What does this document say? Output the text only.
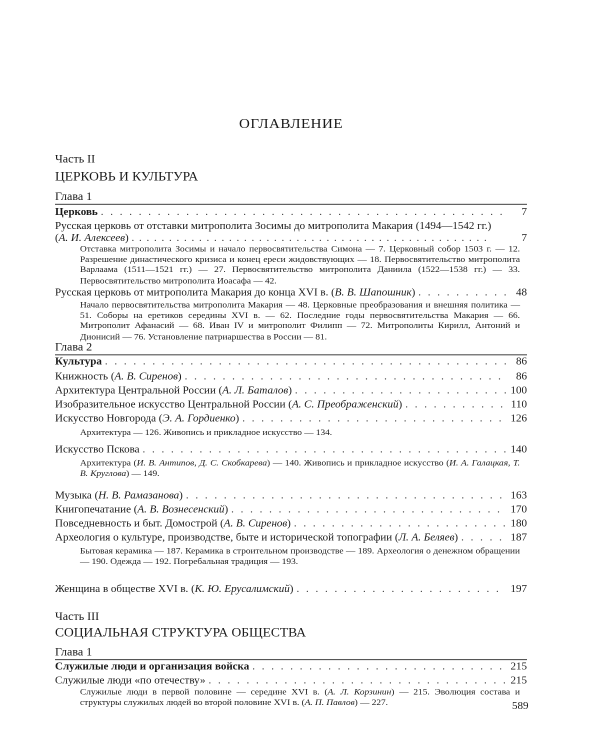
ОГЛАВЛЕНИЕ
Часть II
ЦЕРКОВЬ И КУЛЬТУРА
Глава 1
Церковь . . .	7
Русская церковь от отставки митрополита Зосимы до митрополита Макария (1494—1542 гг.)
(А. И. Алексеев) . . . . . . . . . . . . . . . . . . . . . . . . . . . . . . . . . . . . . . . . . . . . . . . .	7
Отставка митрополита Зосимы и начало первосвятительства Симона — 7. Церковный собор 1503 г. — 12. Разрешение династического кризиса и конец ереси жидовствующих — 18. Первосвятительство митрополита Варлаама (1511—1521 гг.) — 27. Первосвятительство митрополита Даниила (1522—1538 гг.) — 33. Первосвятительство митрополита Иоасафа — 42.
Русская церковь от митрополита Макария до конца XVI в. (В. В. Шапошник) . . .	48
Начало первосвятительства митрополита Макария — 48. Церковные преобразования и внешняя политика — 51. Соборы на еретиков середины XVI в. — 62. Последние годы первосвятительства Макария — 66. Митрополит Афанасий — 68. Иван IV и митрополит Филипп — 72. Митрополиты Кирилл, Антоний и Дионисий — 76. Установление патриаршества в России — 81.
Глава 2
Культура . . .	86
Книжность (А. В. Сиренов) . . .	86
Архитектура Центральной России (А. Л. Баталов) . . .	100
Изобразительное искусство Центральной России (А. С. Преображенский) . . .	110
Искусство Новгорода (Э. А. Гордиенко) . . .	126
Архитектура — 126. Живопись и прикладное искусство — 134.
Искусство Пскова . . .	140
Архитектура (И. В. Антипов, Д. С. Скобкарева) — 140. Живопись и прикладное искусство (И. А. Галацкая, Т. В. Круглова) — 149.
Музыка (Н. В. Рамазанова) . . .	163
Книгопечатание (А. В. Вознесенский) . . .	170
Повседневность и быт. Домострой (А. В. Сиренов) . . .	180
Археология о культуре, производстве, быте и исторической топографии (Л. А. Беляев) . . .	187
Бытовая керамика — 187. Керамика в строительном производстве — 189. Археология о денежном обращении — 190. Одежда — 192. Погребальная традиция — 193.
Женщина в обществе XVI в. (К. Ю. Ерусалимский) . . .	197
Часть III
СОЦИАЛЬНАЯ СТРУКТУРА ОБЩЕСТВА
Глава 1
Служилые люди и организация войска . . .	215
Служилые люди «по отечеству» . . .	215
Служилые люди в первой половине — середине XVI в. (А. Л. Корзинин) — 215. Эволюция состава и структуры служилых людей во второй половине XVI в. (А. П. Павлов) — 227.	589
